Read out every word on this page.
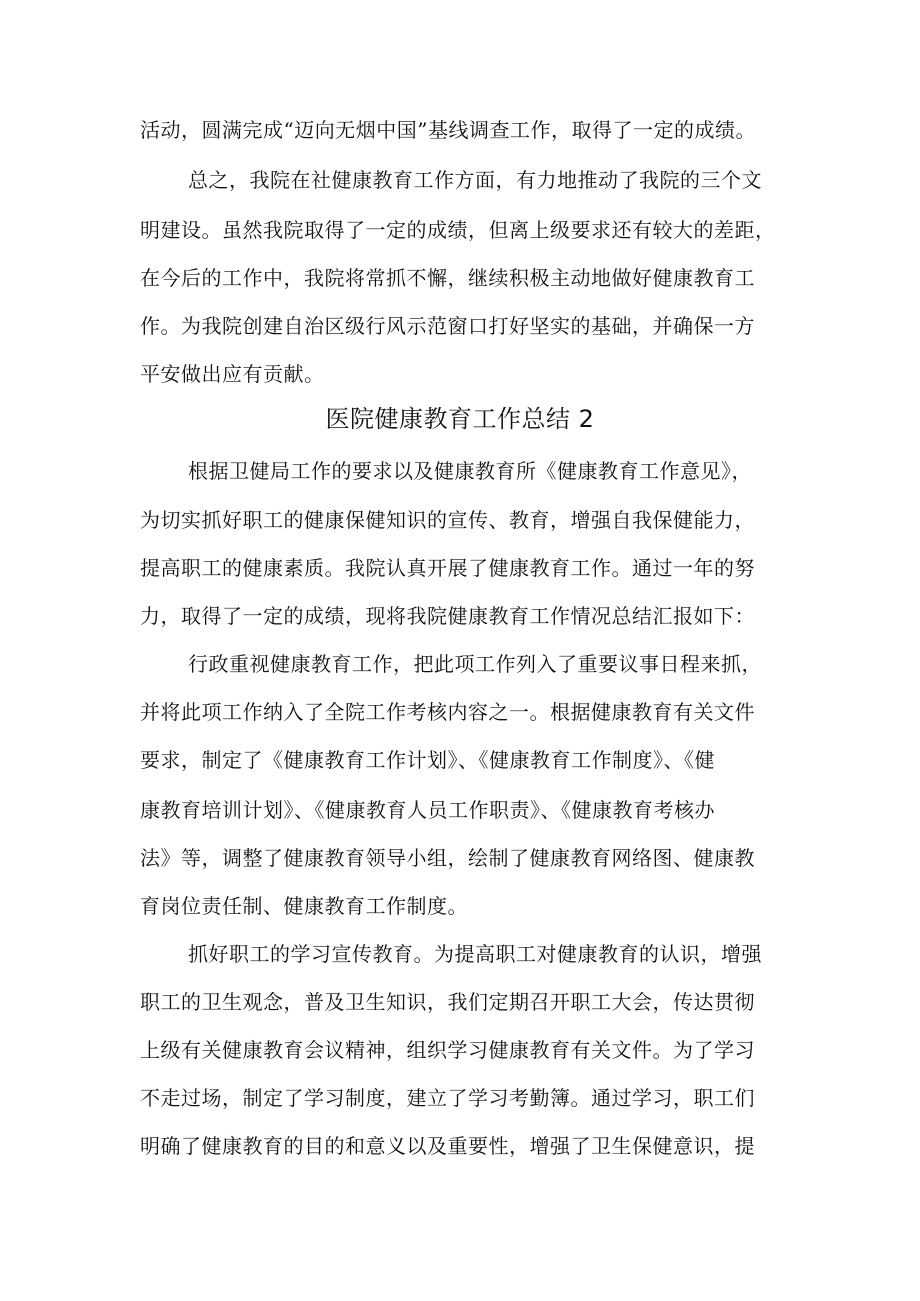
活动，圆满完成“迈向无烟中国”基线调查工作，取得了一定的成绩。
总之，我院在社健康教育工作方面，有力地推动了我院的三个文
明建设。虽然我院取得了一定的成绩，但离上级要求还有较大的差距，
在今后的工作中，我院将常抓不懈，继续积极主动地做好健康教育工
作。为我院创建自治区级行风示范窗口打好坚实的基础，并确保一方
平安做出应有贡献。
医院健康教育工作总结 2
根据卫健局工作的要求以及健康教育所《健康教育工作意见》，
为切实抓好职工的健康保健知识的宣传、教育，增强自我保健能力，
提高职工的健康素质。我院认真开展了健康教育工作。通过一年的努
力，取得了一定的成绩，现将我院健康教育工作情况总结汇报如下：
行政重视健康教育工作，把此项工作列入了重要议事日程来抓，
并将此项工作纳入了全院工作考核内容之一。根据健康教育有关文件
要求，制定了《健康教育工作计划》、《健康教育工作制度》、《健
康教育培训计划》、《健康教育人员工作职责》、《健康教育考核办
法》等，调整了健康教育领导小组，绘制了健康教育网络图、健康教
育岗位责任制、健康教育工作制度。
抓好职工的学习宣传教育。为提高职工对健康教育的认识，增强
职工的卫生观念，普及卫生知识，我们定期召开职工大会，传达贯彻
上级有关健康教育会议精神，组织学习健康教育有关文件。为了学习
不走过场，制定了学习制度，建立了学习考勤簿。通过学习，职工们
明确了健康教育的目的和意义以及重要性，增强了卫生保健意识，提
